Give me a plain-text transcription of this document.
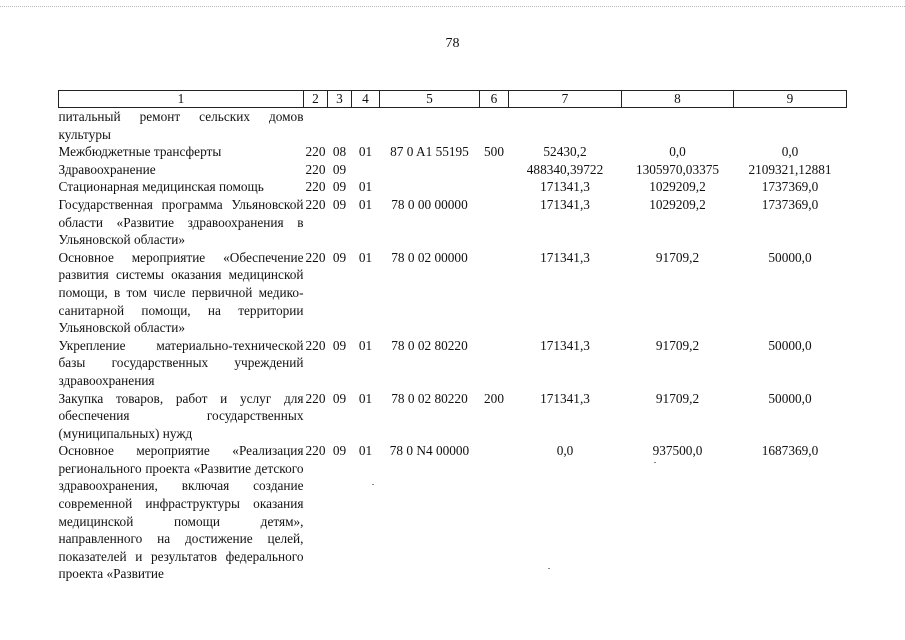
78
1	2	3	4	5	6	7	8	9
питальный ремонт сельских домов культуры								
Межбюджетные трансферты	220	08	01	87 0 A1 55195	500	52430,2	0,0	0,0
Здравоохранение	220	09				488340,39722	1305970,03375	2109321,12881
Стационарная медицинская помощь	220	09	01			171341,3	1029209,2	1737369,0
Государственная программа Ульяновской области «Развитие здравоохранения в Ульяновской области»	220	09	01	78 0 00 00000		171341,3	1029209,2	1737369,0
Основное мероприятие «Обеспечение развития системы оказания медицинской помощи, в том числе первичной медико-санитарной помощи, на территории Ульяновской области»	220	09	01	78 0 02 00000		171341,3	91709,2	50000,0
Укрепление материально-технической базы государственных учреждений здравоохранения	220	09	01	78 0 02 80220		171341,3	91709,2	50000,0
Закупка товаров, работ и услуг для обеспечения государственных (муниципальных) нужд	220	09	01	78 0 02 80220	200	171341,3	91709,2	50000,0
Основное мероприятие «Реализация регионального проекта «Развитие детского здравоохранения, включая создание современной инфраструктуры оказания медицинской помощи детям», направленного на достижение целей, показателей и результатов федерального проекта «Развитие	220	09	01	78 0 N4 00000		0,0	937500,0	1687369,0
